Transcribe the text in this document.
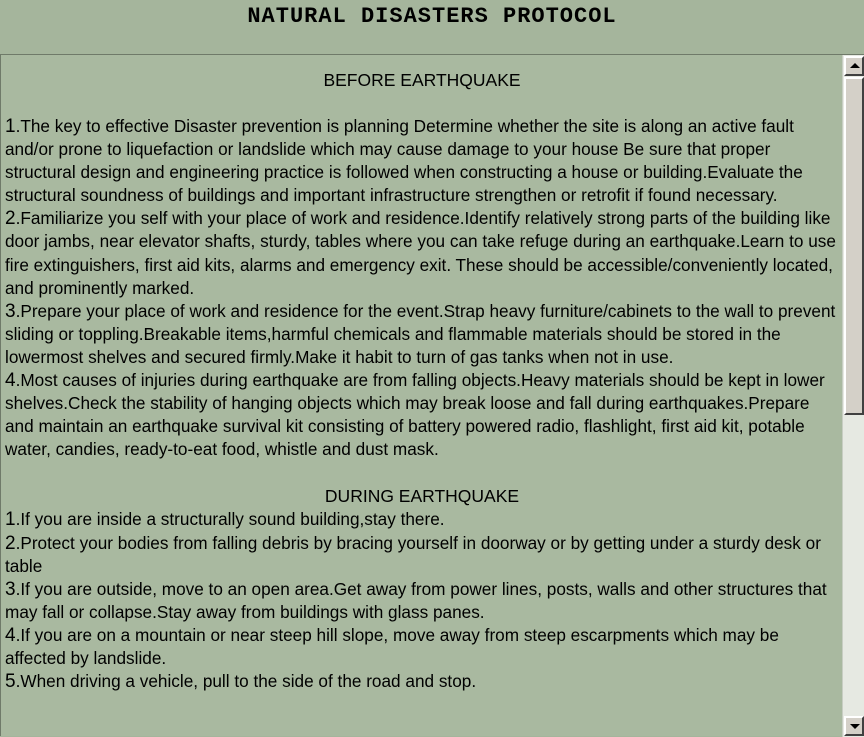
NATURAL DISASTERS PROTOCOL

BEFORE EARTHQUAKE

1.The key to effective Disaster prevention is planning Determine whether the site is along an active fault and/or prone to liquefaction or landslide which may cause damage to your house Be sure that proper structural design and engineering practice is followed when constructing a house or building.Evaluate the structural soundness of buildings and important infrastructure strengthen or retrofit if found necessary.

2.Familiarize you self with your place of work and residence.Identify relatively strong parts of the building like door jambs, near elevator shafts, sturdy, tables where you can take refuge during an earthquake.Learn to use fire extinguishers, first aid kits, alarms and emergency exit. These should be accessible/conveniently located, and prominently marked.

3.Prepare your place of work and residence for the event.Strap heavy furniture/cabinets to the wall to prevent sliding or toppling.Breakable items,harmful chemicals and flammable materials should be stored in the lowermost shelves and secured firmly.Make it habit to turn of gas tanks when not in use.

4.Most causes of injuries during earthquake are from falling objects.Heavy materials should be kept in lower shelves.Check the stability of hanging objects which may break loose and fall during earthquakes.Prepare and maintain an earthquake survival kit consisting of battery powered radio, flashlight, first aid kit, potable water, candies, ready-to-eat food, whistle and dust mask.

DURING EARTHQUAKE

1.If you are inside a structurally sound building,stay there.

2.Protect your bodies from falling debris by bracing yourself in doorway or by getting under a sturdy desk or table

3.If you are outside, move to an open area.Get away from power lines, posts, walls and other structures that may fall or collapse.Stay away from buildings with glass panes.

4.If you are on a mountain or near steep hill slope, move away from steep escarpments which may be affected by landslide.

5.When driving a vehicle, pull to the side of the road and stop.
